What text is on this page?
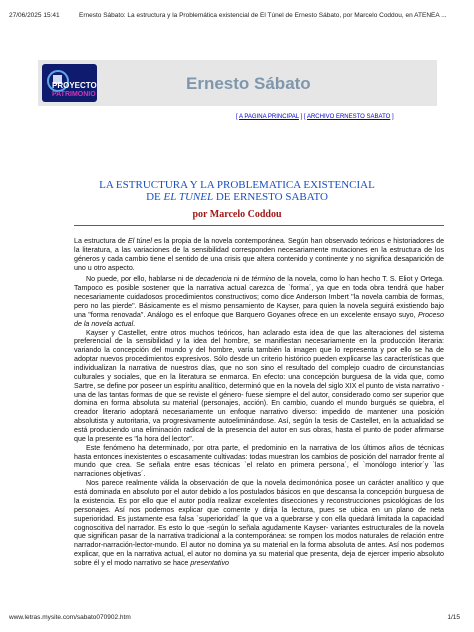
27/06/2025 15:41	Ernesto Sábato: La estructura y la Problemática existencial de El Túnel de Ernesto Sábato, por Marcelo Coddou, en ATENEA ...
PROYECTO
PATRIMONIO
Ernesto Sábato
[ A PAGINA PRINCIPAL ] [ ARCHIVO ERNESTO SABATO ]
LA ESTRUCTURA Y LA PROBLEMATICA EXISTENCIAL
DE EL TUNEL DE ERNESTO SABATO
por Marcelo Coddou

La estructura de El túnel es la propia de la novela contemporánea. Según han observado teóricos e historiadores de la literatura, a las variaciones de la sensibilidad corresponden necesariamente mutaciones en la estructura de los géneros y cada cambio tiene el sentido de una crisis que altera contenido y continente y no significa desaparición de uno u otro aspecto.

No puede, por ello, hablarse ni de decadencia ni de término de la novela, como lo han hecho T. S. Eliot y Ortega. Tampoco es posible sostener que la narrativa actual carezca de `forma´, ya que en toda obra tendrá que haber necesariamente cuidadosos procedimientos constructivos; como dice Anderson Imbert "la novela cambia de formas, pero no las pierde". Básicamente es el mismo pensamiento de Kayser, para quien la novela seguirá existiendo bajo una "forma renovada". Análogo es el enfoque que Barquero Goyanes ofrece en un excelente ensayo suyo, Proceso de la novela actual.

Kayser y Castellet, entre otros muchos teóricos, han aclarado esta idea de que las alteraciones del sistema preferencial de la sensibilidad y la idea del hombre, se manifiestan necesariamente en la producción literaria: variando la concepción del mundo y del hombre, varía también la imagen que lo representa y por ello se ha de adoptar nuevos procedimientos expresivos. Sólo desde un criterio histórico pueden explicarse las características que individualizan la narrativa de nuestros días, que no son sino el resultado del complejo cuadro de circunstancias culturales y sociales, que en la literatura se enmarca. En efecto: una concepción burguesa de la vida que, como Sartre, se define por poseer un espíritu analítico, determinó que en la novela del siglo XIX el punto de vista narrativo -una de las tantas formas de que se reviste el género- fuese siempre el del autor, considerado como ser superior que domina en forma absoluta su material (personajes, acción). En cambio, cuando el mundo burgués se quiebra, el creador literario adoptará necesariamente un enfoque narrativo diverso: impedido de mantener una posición absolutista y autoritaria, va progresivamente autoeliminándose. Así, según la tesis de Castellet, en la actualidad se está produciendo una eliminación radical de la presencia del autor en sus obras, hasta el punto de poder afirmarse que la presente es "la hora del lector".

Este fenómeno ha determinado, por otra parte, el predominio en la narrativa de los últimos años de técnicas hasta entonces inexistentes o escasamente cultivadas: todas muestran los cambios de posición del narrador frente al mundo que crea. Se señala entre esas técnicas `el relato en primera persona´, el `monólogo interior´y `las narraciones objetivas´.

Nos parece realmente válida la observación de que la novela decimonónica posee un carácter analítico y que está dominada en absoluto por el autor debido a los postulados básicos en que descansa la concepción burguesa de la existencia. Es por ello que el autor podía realizar excelentes disecciones y reconstrucciones psicológicas de los personajes. Así nos podemos explicar que comente y dirija la lectura, pues se ubica en un plano de neta superioridad. Es justamente esa falsa `superioridad´ la que va a quebrarse y con ella quedará limitada la capacidad cognoscitiva del narrador. Es esto lo que -según lo señala agudamente Kayser- variantes estructurales de la novela que significan pasar de la narrativa tradicional a la contemporánea: se rompen los modos naturales de relación entre narrador-narración-lector-mundo. El autor no domina ya su material en la forma absoluta de antes. Así nos podemos explicar, que en la narrativa actual, el autor no domina ya su material que presenta, deja de ejercer imperio absoluto sobre él y el modo narrativo se hace presentativo

www.letras.mysite.com/sabato070902.htm	1/15
